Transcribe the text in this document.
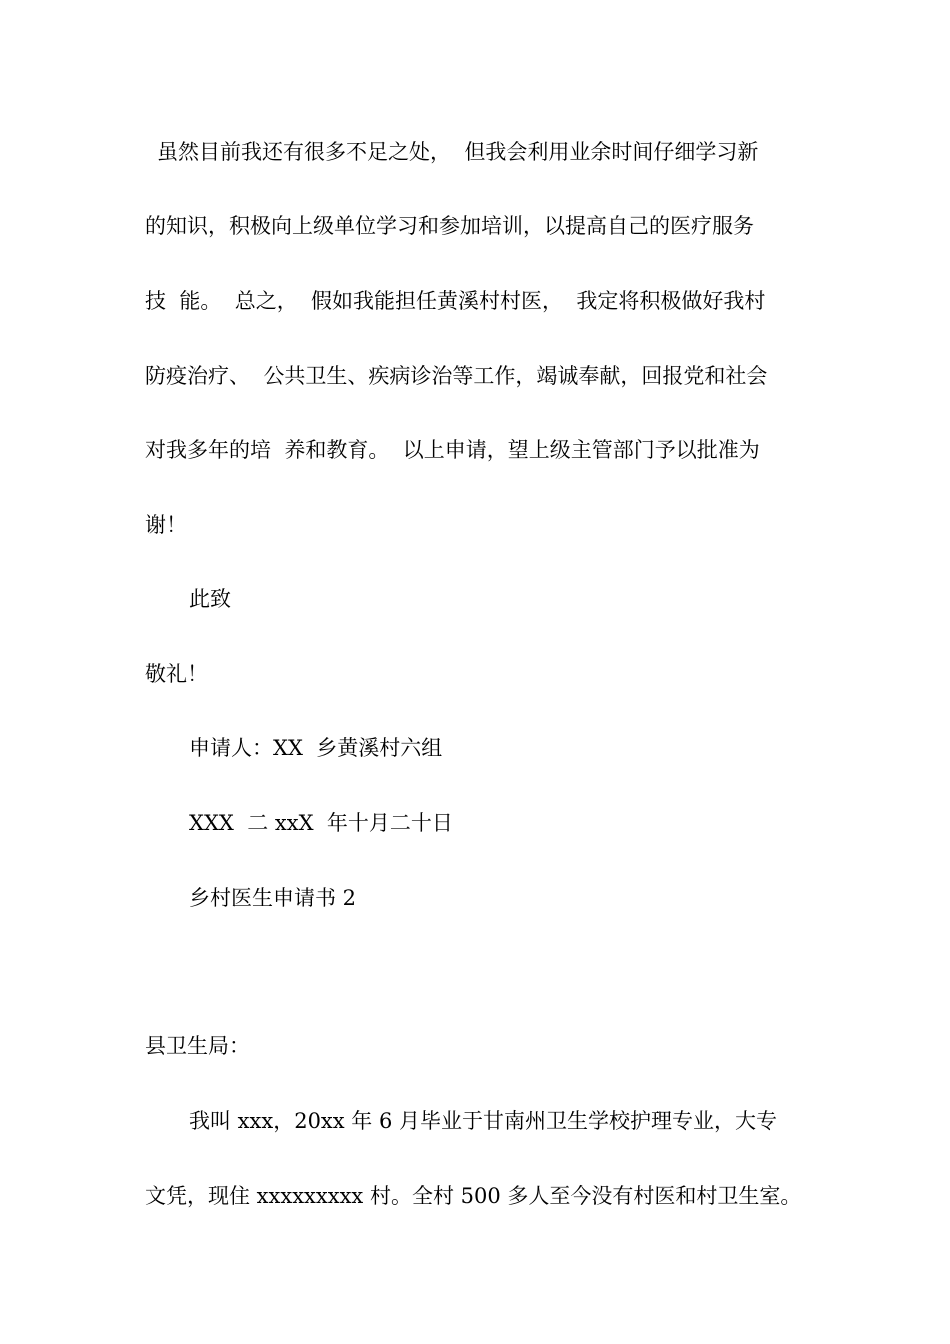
虽然目前我还有很多不足之处，  但我会利用业余时间仔细学习新

的知识，积极向上级单位学习和参加培训，以提高自己的医疗服务

技  能。  总之，  假如我能担任黄溪村村医，  我定将积极做好我村

防疫治疗、  公共卫生、疾病诊治等工作，竭诚奉献，回报党和社会

对我多年的培  养和教育。  以上申请，望上级主管部门予以批准为

谢！

此致

敬礼！

申请人：XX  乡黄溪村六组

XXX  二 xxX  年十月二十日

乡村医生申请书 2

县卫生局：

我叫 xxx，20xx 年 6 月毕业于甘南州卫生学校护理专业，大专

文凭，现住 xxxxxxxxx 村。全村 500 多人至今没有村医和村卫生室。
